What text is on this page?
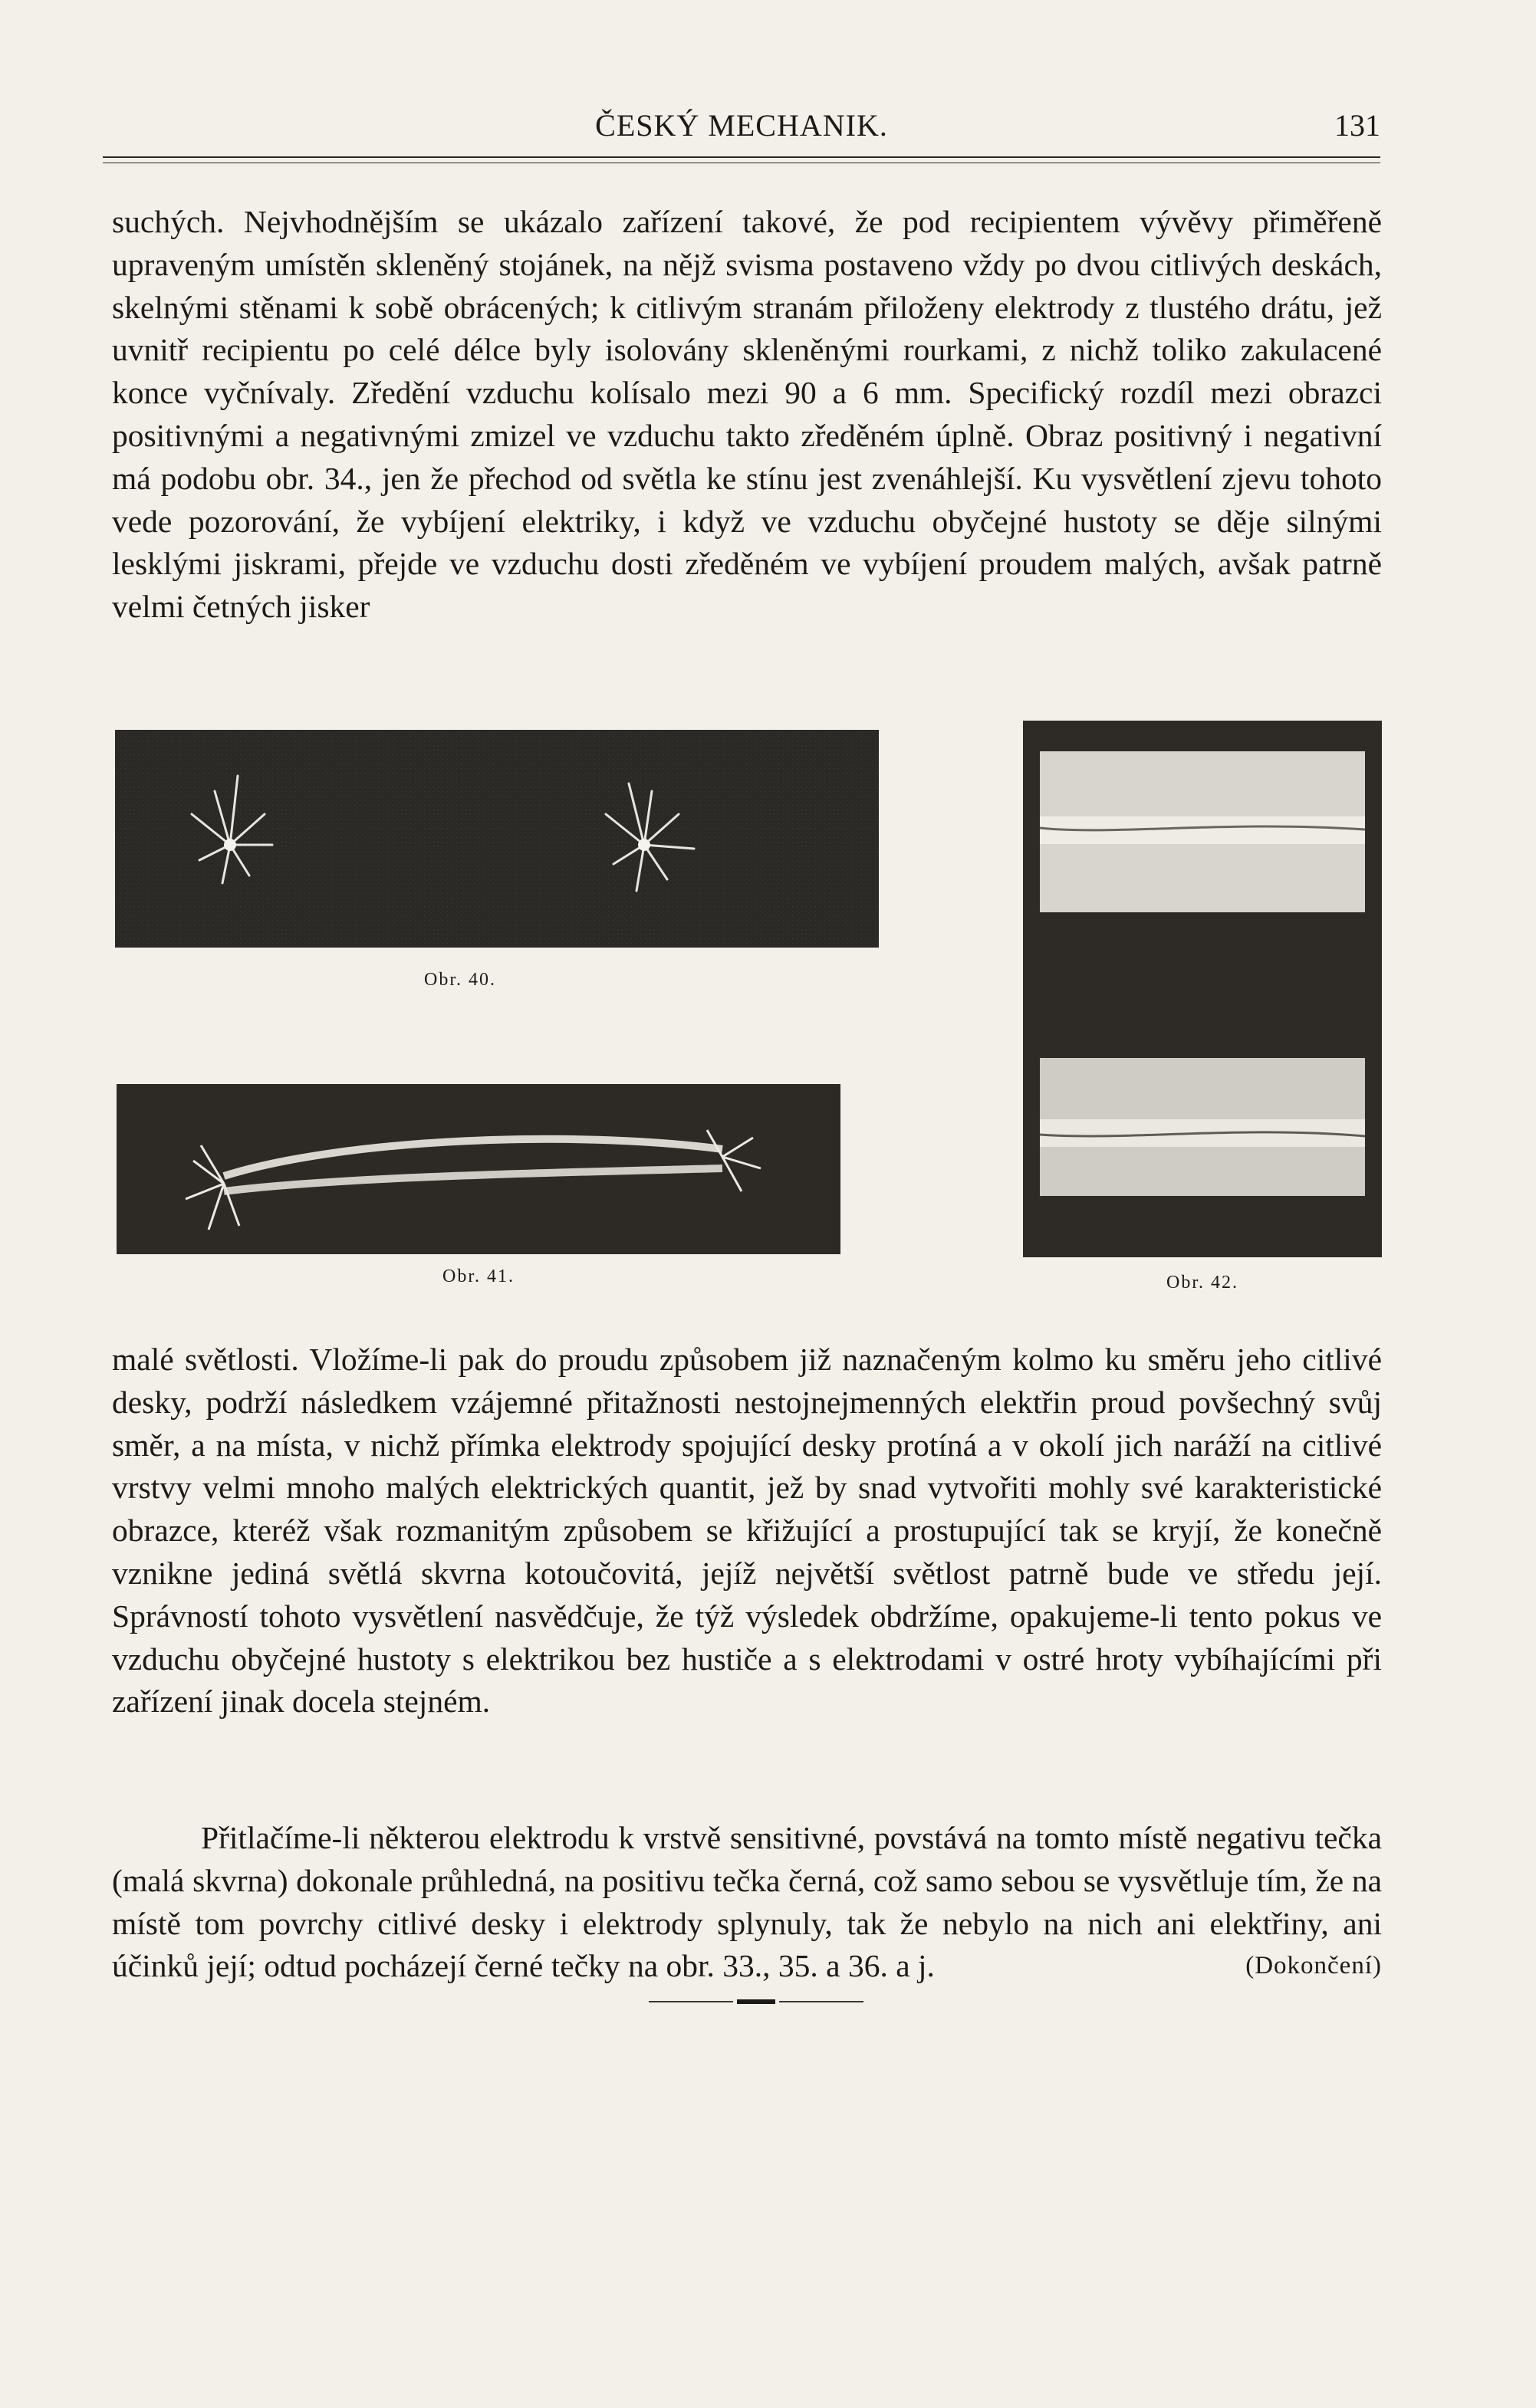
ČESKÝ MECHANIK.	131

suchých. Nejvhodnějším se ukázalo zařízení takové, že pod recipientem vývěvy přiměřeně upraveným umístěn skleněný stojánek, na nějž svisma postaveno vždy po dvou citlivých deskách, skelnými stěnami k sobě obrácených; k citlivým stranám přiloženy elektrody z tlustého drátu, jež uvnitř recipientu po celé délce byly isolovány skleněnými rourkami, z nichž toliko zakulacené konce vyčnívaly. Zředění vzduchu kolísalo mezi 90 a 6 mm. Specifický rozdíl mezi obrazci positivnými a negativnými zmizel ve vzduchu takto zředěném úplně. Obraz positivný i negativní má podobu obr. 34., jen že přechod od světla ke stínu jest zvenáhlejší. Ku vysvětlení zjevu tohoto vede pozorování, že vybíjení elektriky, i když ve vzduchu obyčejné hustoty se děje silnými lesklými jiskrami, přejde ve vzduchu dosti zředěném ve vybíjení proudem malých, avšak patrně velmi četných jisker

Obr. 40.
Obr. 41.	Obr. 42.

malé světlosti. Vložíme-li pak do proudu způsobem již naznačeným kolmo ku směru jeho citlivé desky, podrží následkem vzájemné přitažnosti nestojnejmenných elektřin proud povšechný svůj směr, a na místa, v nichž přímka elektrody spojující desky protíná a v okolí jich naráží na citlivé vrstvy velmi mnoho malých elektrických quantit, jež by snad vytvořiti mohly své karakteristické obrazce, kteréž však rozmanitým způsobem se křižující a prostupující tak se kryjí, že konečně vznikne jediná světlá skvrna kotoučovitá, jejíž největší světlost patrně bude ve středu její. Správností tohoto vysvětlení nasvědčuje, že týž výsledek obdržíme, opakujeme-li tento pokus ve vzduchu obyčejné hustoty s elektrikou bez hustiče a s elektrodami v ostré hroty vybíhajícími při zařízení jinak docela stejném.

Přitlačíme-li některou elektrodu k vrstvě sensitivné, povstává na tomto místě negativu tečka (malá skvrna) dokonale průhledná, na positivu tečka černá, což samo sebou se vysvětluje tím, že na místě tom povrchy citlivé desky i elektrody splynuly, tak že nebylo na nich ani elektřiny, ani účinků její; odtud pocházejí černé tečky na obr. 33., 35. a 36. a j.	(Dokončení)
